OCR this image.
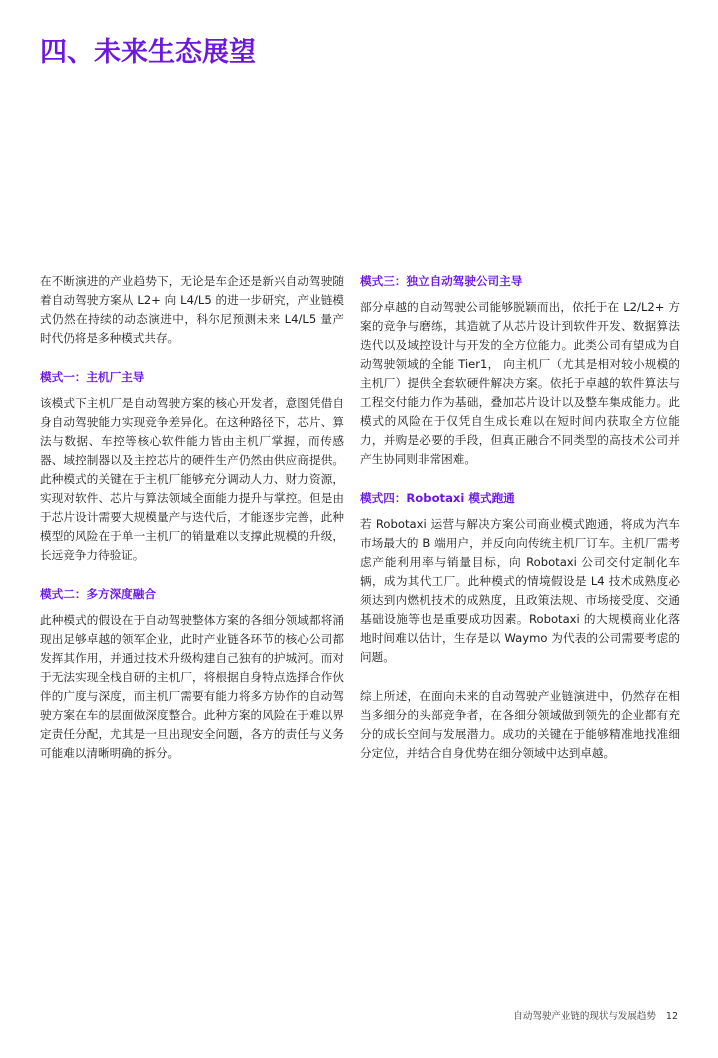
四、未来生态展望

在不断演进的产业趋势下，无论是车企还是新兴自动驾驶随着自动驾驶方案从 L2+ 向 L4/L5 的进一步研究，产业链模式仍然在持续的动态演进中，科尔尼预测未来 L4/L5 量产时代仍将是多种模式共存。

模式一：主机厂主导

该模式下主机厂是自动驾驶方案的核心开发者，意图凭借自身自动驾驶能力实现竞争差异化。在这种路径下，芯片、算法与数据、车控等核心软件能力皆由主机厂掌握，而传感器、域控制器以及主控芯片的硬件生产仍然由供应商提供。此种模式的关键在于主机厂能够充分调动人力、财力资源，实现对软件、芯片与算法领域全面能力提升与掌控。但是由于芯片设计需要大规模量产与迭代后，才能逐步完善，此种模型的风险在于单一主机厂的销量难以支撑此规模的升级，长远竞争力待验证。

模式二：多方深度融合

此种模式的假设在于自动驾驶整体方案的各细分领域都将涌现出足够卓越的领军企业，此时产业链各环节的核心公司都发挥其作用，并通过技术升级构建自己独有的护城河。而对于无法实现全栈自研的主机厂，将根据自身特点选择合作伙伴的广度与深度，而主机厂需要有能力将多方协作的自动驾驶方案在车的层面做深度整合。此种方案的风险在于难以界定责任分配，尤其是一旦出现安全问题，各方的责任与义务可能难以清晰明确的拆分。

模式三：独立自动驾驶公司主导

部分卓越的自动驾驶公司能够脱颖而出，依托于在 L2/L2+ 方案的竞争与磨练，其造就了从芯片设计到软件开发、数据算法迭代以及域控设计与开发的全方位能力。此类公司有望成为自动驾驶领域的全能 Tier1， 向主机厂（尤其是相对较小规模的主机厂）提供全套软硬件解决方案。依托于卓越的软件算法与工程交付能力作为基础，叠加芯片设计以及整车集成能力。此模式的风险在于仅凭自生成长难以在短时间内获取全方位能力，并购是必要的手段，但真正融合不同类型的高技术公司并产生协同则非常困难。

模式四：Robotaxi 模式跑通

若 Robotaxi 运营与解决方案公司商业模式跑通，将成为汽车市场最大的 B 端用户，并反向向传统主机厂订车。主机厂需考虑产能利用率与销量目标，向 Robotaxi 公司交付定制化车辆，成为其代工厂。此种模式的情境假设是 L4 技术成熟度必须达到内燃机技术的成熟度，且政策法规、市场接受度、交通基础设施等也是重要成功因素。Robotaxi 的大规模商业化落地时间难以估计，生存是以 Waymo 为代表的公司需要考虑的问题。

综上所述，在面向未来的自动驾驶产业链演进中，仍然存在相当多细分的头部竞争者，在各细分领域做到领先的企业都有充分的成长空间与发展潜力。成功的关键在于能够精准地找准细分定位，并结合自身优势在细分领域中达到卓越。

自动驾驶产业链的现状与发展趋势 12
